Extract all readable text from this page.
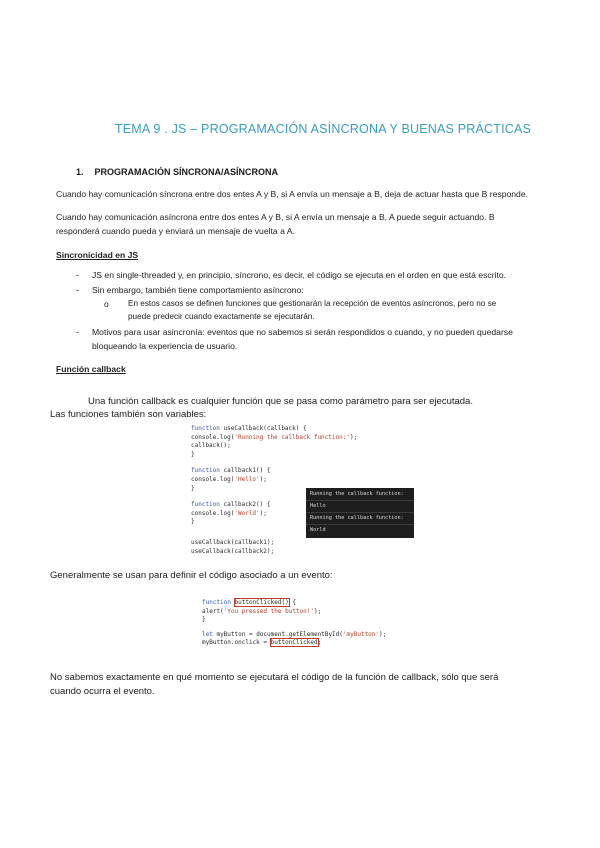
TEMA 9 . JS – PROGRAMACIÓN ASÍNCRONA Y BUENAS PRÁCTICAS
1. PROGRAMACIÓN SÍNCRONA/ASÍNCRONA
Cuando hay comunicación síncrona entre dos entes A y B, si A envía un mensaje a B, deja de actuar hasta que B responde.
Cuando hay comunicación asíncrona entre dos entes A y B, si A envía un mensaje a B, A puede seguir actuando. B
responderá cuando pueda y enviará un mensaje de vuelta a A.
Sincronicidad en JS
- JS en single-threaded y, en principio, síncrono, es decir, el código se ejecuta en el orden en que está escrito.
- Sin embargo, también tiene comportamiento asíncrono:
o En estos casos se definen funciones que gestionarán la recepción de eventos asíncronos, pero no se
puede predecir cuando exactamente se ejecutarán.
- Motivos para usar asincronía: eventos que no sabemos si serán respondidos o cuando, y no pueden quedarse
bloqueando la experiencia de usuario.
Función callback
Una función callback es cualquier función que se pasa como parámetro para ser ejecutada.
Las funciones también son variables:
function useCallback(callback) {
console.log('Running the callback function:');
callback();
}
function callback1() {
console.log('Hello');
}
function callback2() {
console.log('World');
}
useCallback(callback1);
useCallback(callback2);
Running the callback function:
Hello
Running the callback function:
World
Generalmente se usan para definir el código asociado a un evento:
function buttonClicked() {
alert('You pressed the button!');
}
let myButton = document.getElementById('myButton');
myButton.onclick = buttonClicked;
No sabemos exactamente en qué momento se ejecutará el código de la función de callback, sólo que será
cuando ocurra el evento.
